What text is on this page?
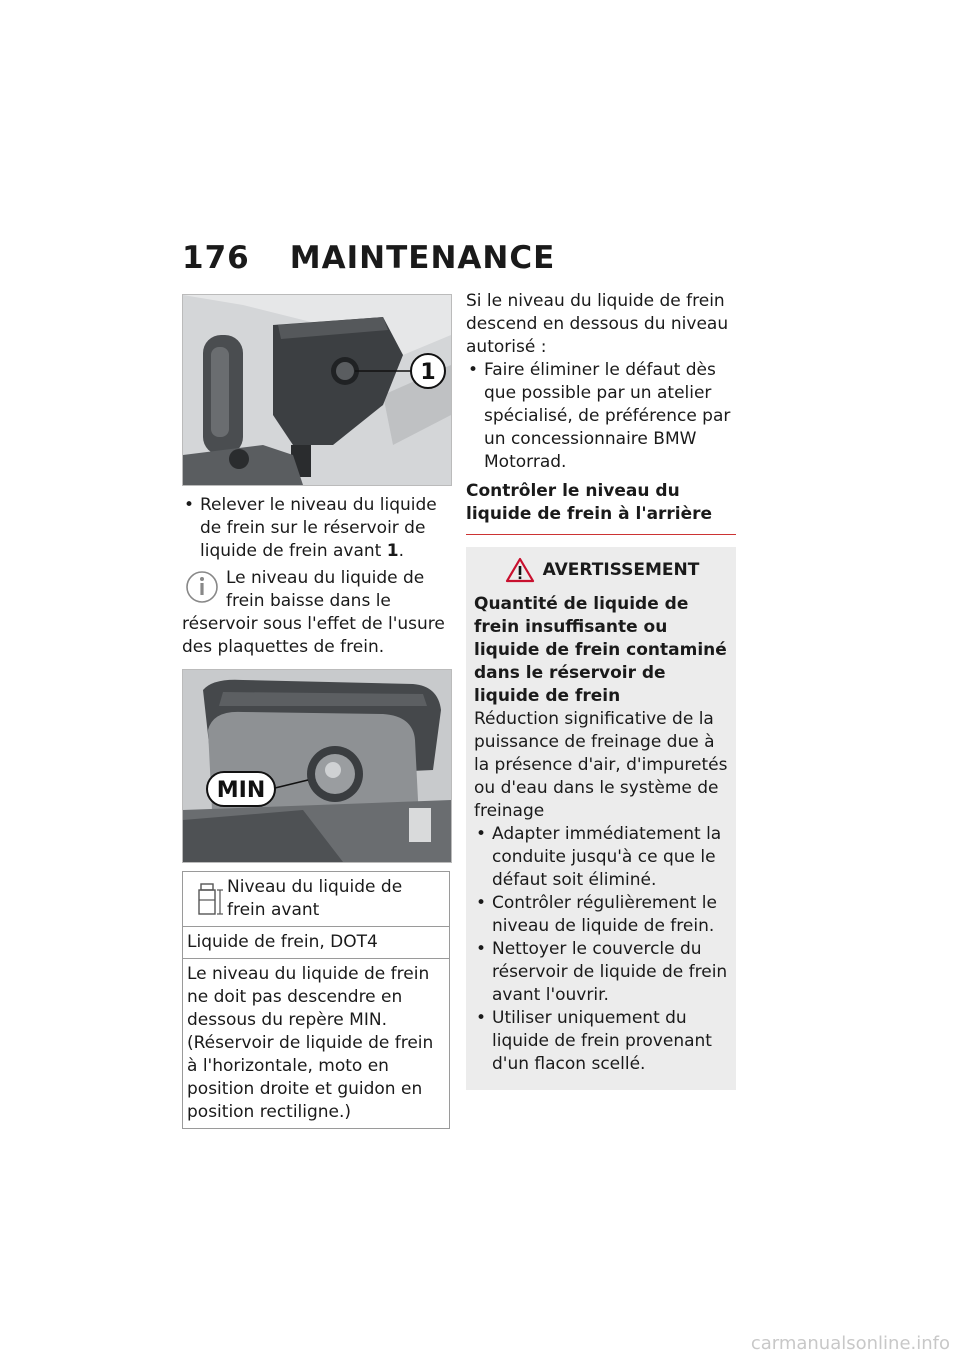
176 MAINTENANCE
1
• Relever le niveau du liquide de frein sur le réservoir de liquide de frein avant 1.
Le niveau du liquide de frein baisse dans le réservoir sous l'effet de l'usure des plaquettes de frein.
MIN
Niveau du liquide de frein avant
Liquide de frein, DOT4
Le niveau du liquide de frein ne doit pas descendre en dessous du repère MIN. (Réservoir de liquide de frein à l'horizontale, moto en position droite et guidon en position rectiligne.)
Si le niveau du liquide de frein descend en dessous du niveau autorisé :
• Faire éliminer le défaut dès que possible par un atelier spécialisé, de préférence par un concessionnaire BMW Motorrad.
Contrôler le niveau du liquide de frein à l'arrière
AVERTISSEMENT
Quantité de liquide de frein insuffisante ou liquide de frein contaminé dans le réservoir de liquide de frein
Réduction significative de la puissance de freinage due à la présence d'air, d'impuretés ou d'eau dans le système de freinage
• Adapter immédiatement la conduite jusqu'à ce que le défaut soit éliminé.
• Contrôler régulièrement le niveau de liquide de frein.
• Nettoyer le couvercle du réservoir de liquide de frein avant l'ouvrir.
• Utiliser uniquement du liquide de frein provenant d'un flacon scellé.
carmanualsonline.info
